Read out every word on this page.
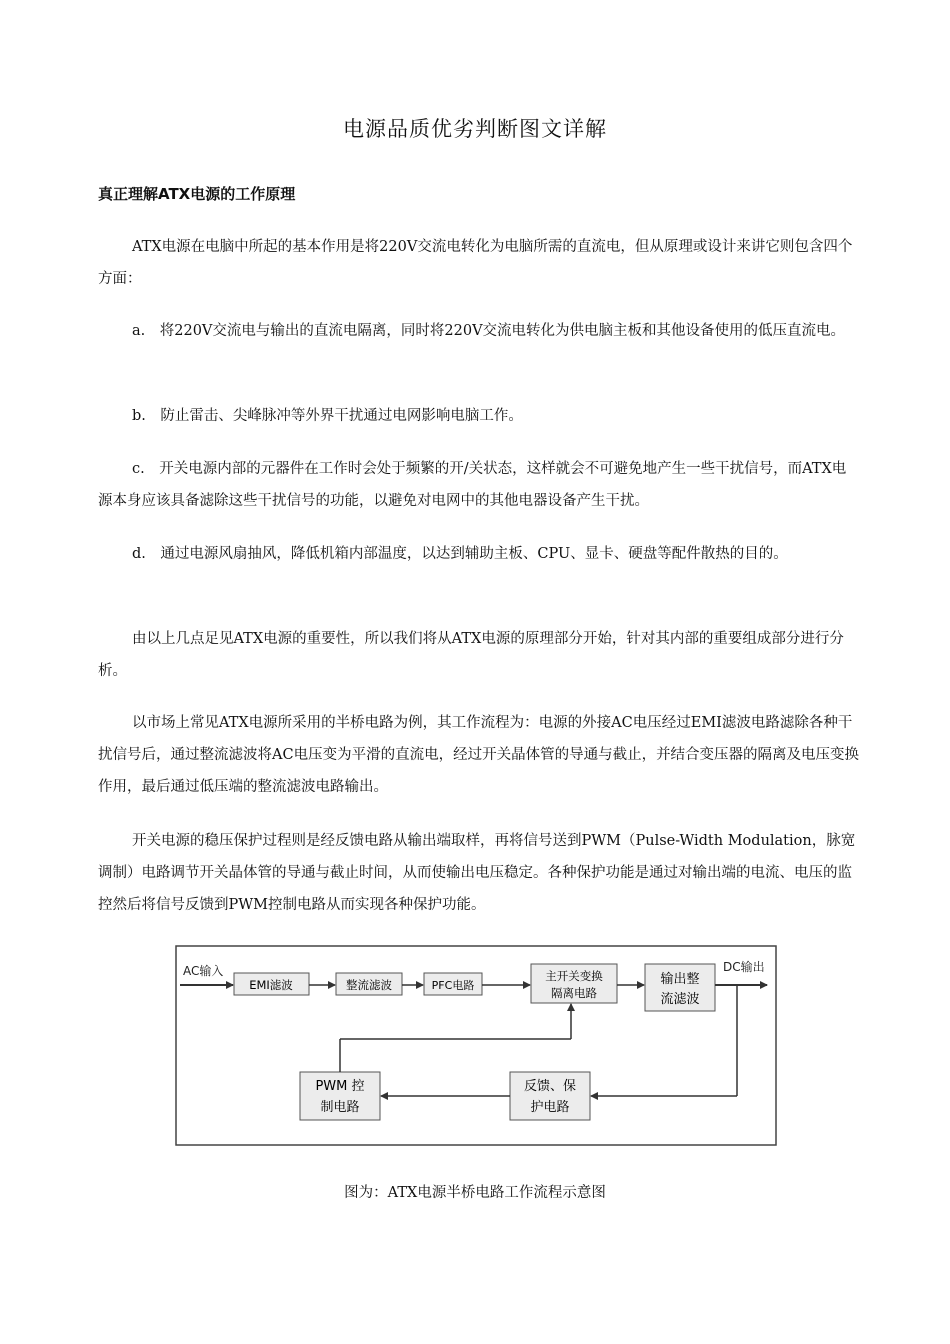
电源品质优劣判断图文详解
真正理解ATX电源的工作原理

ATX电源在电脑中所起的基本作用是将220V交流电转化为电脑所需的直流电，但从原理或设计来讲它则包含四个方面：

a.　将220V交流电与输出的直流电隔离，同时将220V交流电转化为供电脑主板和其他设备使用的低压直流电。

b.　防止雷击、尖峰脉冲等外界干扰通过电网影响电脑工作。

c.　开关电源内部的元器件在工作时会处于频繁的开/关状态，这样就会不可避免地产生一些干扰信号，而ATX电源本身应该具备滤除这些干扰信号的功能，以避免对电网中的其他电器设备产生干扰。

d.　通过电源风扇抽风，降低机箱内部温度，以达到辅助主板、CPU、显卡、硬盘等配件散热的目的。

由以上几点足见ATX电源的重要性，所以我们将从ATX电源的原理部分开始，针对其内部的重要组成部分进行分析。

以市场上常见ATX电源所采用的半桥电路为例，其工作流程为：电源的外接AC电压经过EMI滤波电路滤除各种干扰信号后，通过整流滤波将AC电压变为平滑的直流电，经过开关晶体管的导通与截止，并结合变压器的隔离及电压变换作用，最后通过低压端的整流滤波电路输出。

开关电源的稳压保护过程则是经反馈电路从输出端取样，再将信号送到PWM（Pulse-Width Modulation，脉宽调制）电路调节开关晶体管的导通与截止时间，从而使输出电压稳定。各种保护功能是通过对输出端的电流、电压的监控然后将信号反馈到PWM控制电路从而实现各种保护功能。

AC输入
EMI滤波	整流滤波	PFC电路
主开关变换
隔离电路
输出整
流滤波
DC输出
反馈、保
护电路
PWM 控
制电路
图为：ATX电源半桥电路工作流程示意图
